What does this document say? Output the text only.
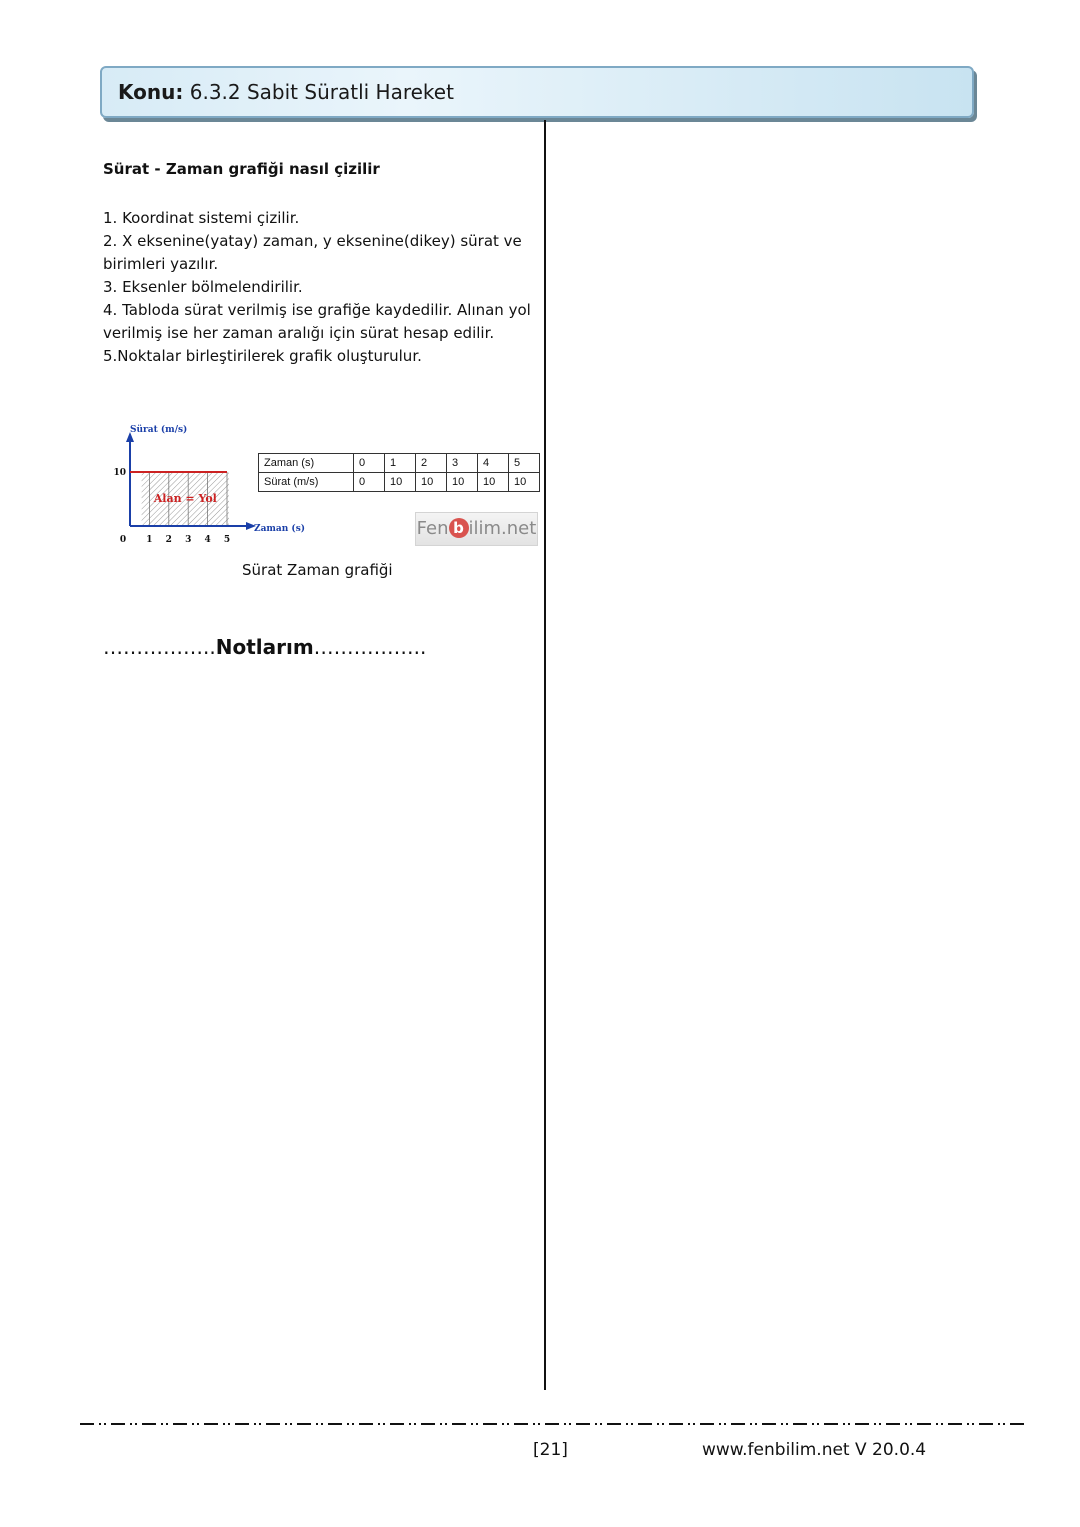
Konu: 6.3.2 Sabit Süratli Hareket
Sürat - Zaman grafiği nasıl çizilir

1. Koordinat sistemi çizilir.

2. X eksenine(yatay) zaman, y eksenine(dikey) sürat ve birimleri yazılır.

3. Eksenler bölmelendirilir.

4. Tabloda sürat verilmiş ise grafiğe kaydedilir. Alınan yol verilmiş ise her zaman aralığı için sürat hesap edilir.

5.Noktalar birleştirilerek grafik oluşturulur.

Alan = Yol
Sürat (m/s)
Zaman (s)
10
0 1 2 3 4 5
Zaman (s)	0	1	2	3	4	5
Sürat (m/s)	0	10	10	10	10	10
Fen b ilim.net
Sürat Zaman grafiği
……………..Notlarım……………..
[21]	www.fenbilim.net V 20.0.4
